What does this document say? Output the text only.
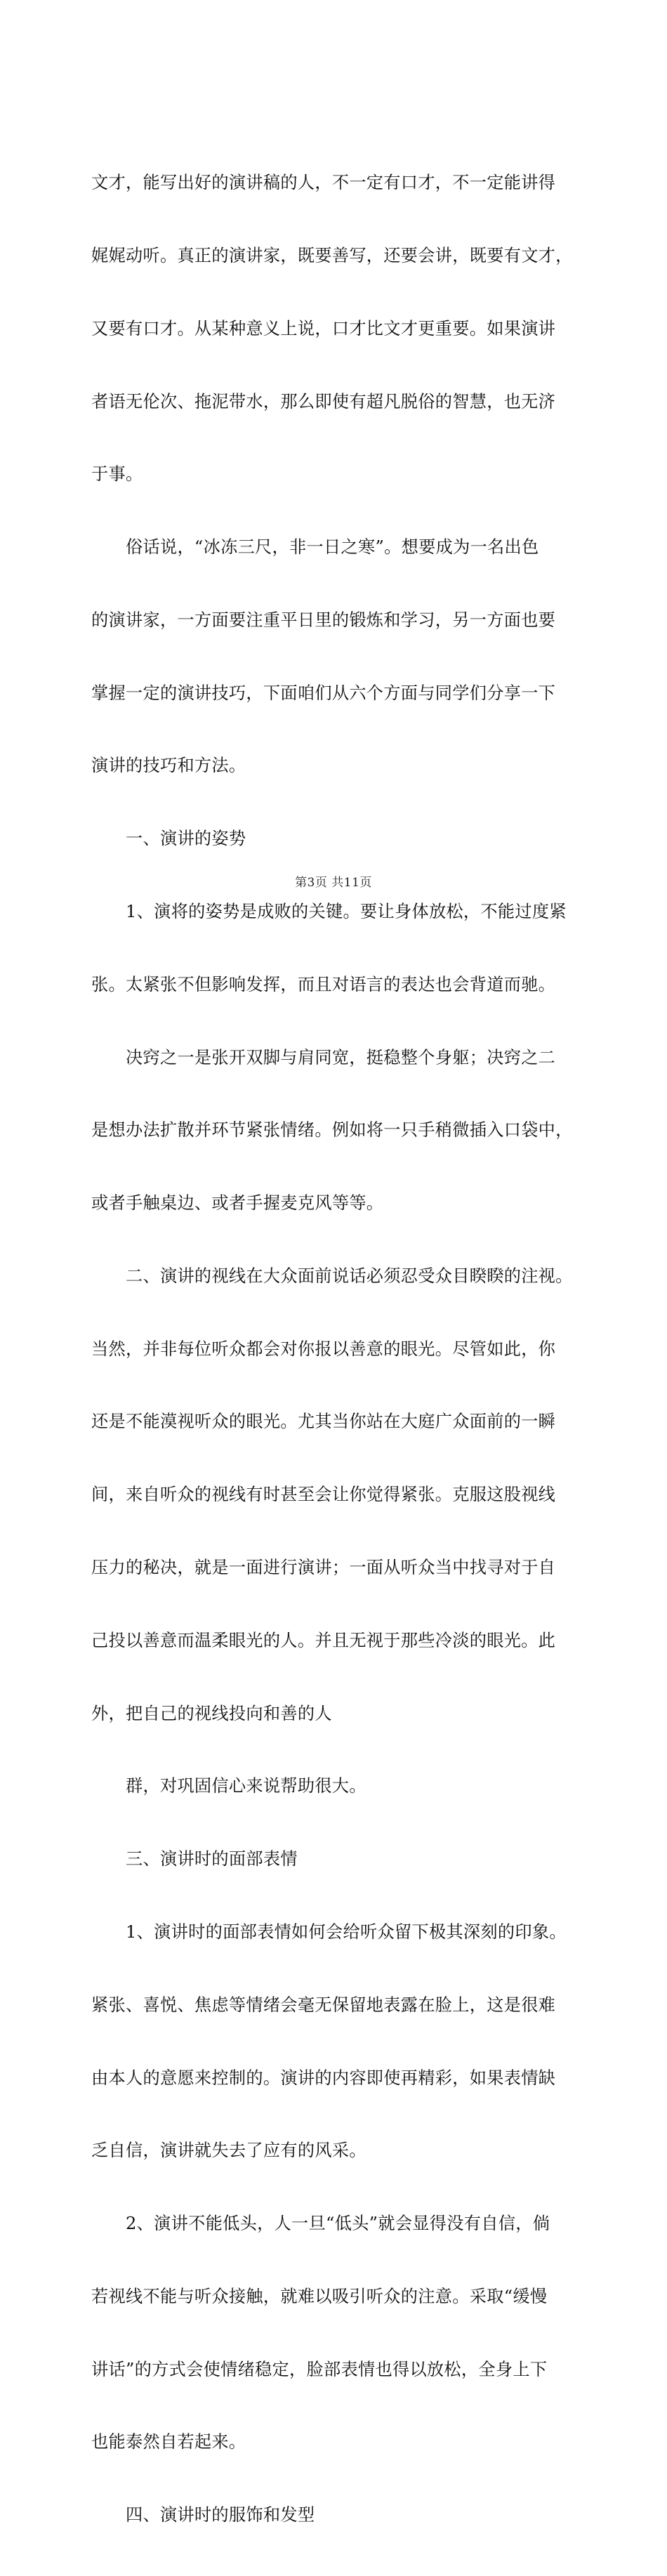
文才，能写出好的演讲稿的人，不一定有口才，不一定能讲得

娓娓动听。真正的演讲家，既要善写，还要会讲，既要有文才，

又要有口才。从某种意义上说，口才比文才更重要。如果演讲

者语无伦次、拖泥带水，那么即使有超凡脱俗的智慧，也无济

于事。

　　俗话说，“冰冻三尺，非一日之寒”。想要成为一名出色

的演讲家，一方面要注重平日里的锻炼和学习，另一方面也要

掌握一定的演讲技巧，下面咱们从六个方面与同学们分享一下

演讲的技巧和方法。

　　一、演讲的姿势

　　1、演将的姿势是成败的关键。要让身体放松，不能过度紧

张。太紧张不但影响发挥，而且对语言的表达也会背道而驰。

　　决窍之一是张开双脚与肩同宽，挺稳整个身躯；决窍之二

是想办法扩散并环节紧张情绪。例如将一只手稍微插入口袋中，

或者手触桌边、或者手握麦克风等等。

　　二、演讲的视线在大众面前说话必须忍受众目睽睽的注视。

当然，并非每位听众都会对你报以善意的眼光。尽管如此，你

还是不能漠视听众的眼光。尤其当你站在大庭广众面前的一瞬

间，来自听众的视线有时甚至会让你觉得紧张。克服这股视线

压力的秘决，就是一面进行演讲；一面从听众当中找寻对于自

己投以善意而温柔眼光的人。并且无视于那些冷淡的眼光。此

外，把自己的视线投向和善的人

　　群，对巩固信心来说帮助很大。

　　三、演讲时的面部表情

　　1、演讲时的面部表情如何会给听众留下极其深刻的印象。

紧张、喜悦、焦虑等情绪会毫无保留地表露在脸上，这是很难

由本人的意愿来控制的。演讲的内容即使再精彩，如果表情缺

乏自信，演讲就失去了应有的风采。

　　2、演讲不能低头，人一旦“低头”就会显得没有自信，倘

若视线不能与听众接触，就难以吸引听众的注意。采取“缓慢

讲话”的方式会使情绪稳定，脸部表情也得以放松，全身上下

也能泰然自若起来。

　　四、演讲时的服饰和发型

第3页 共11页
